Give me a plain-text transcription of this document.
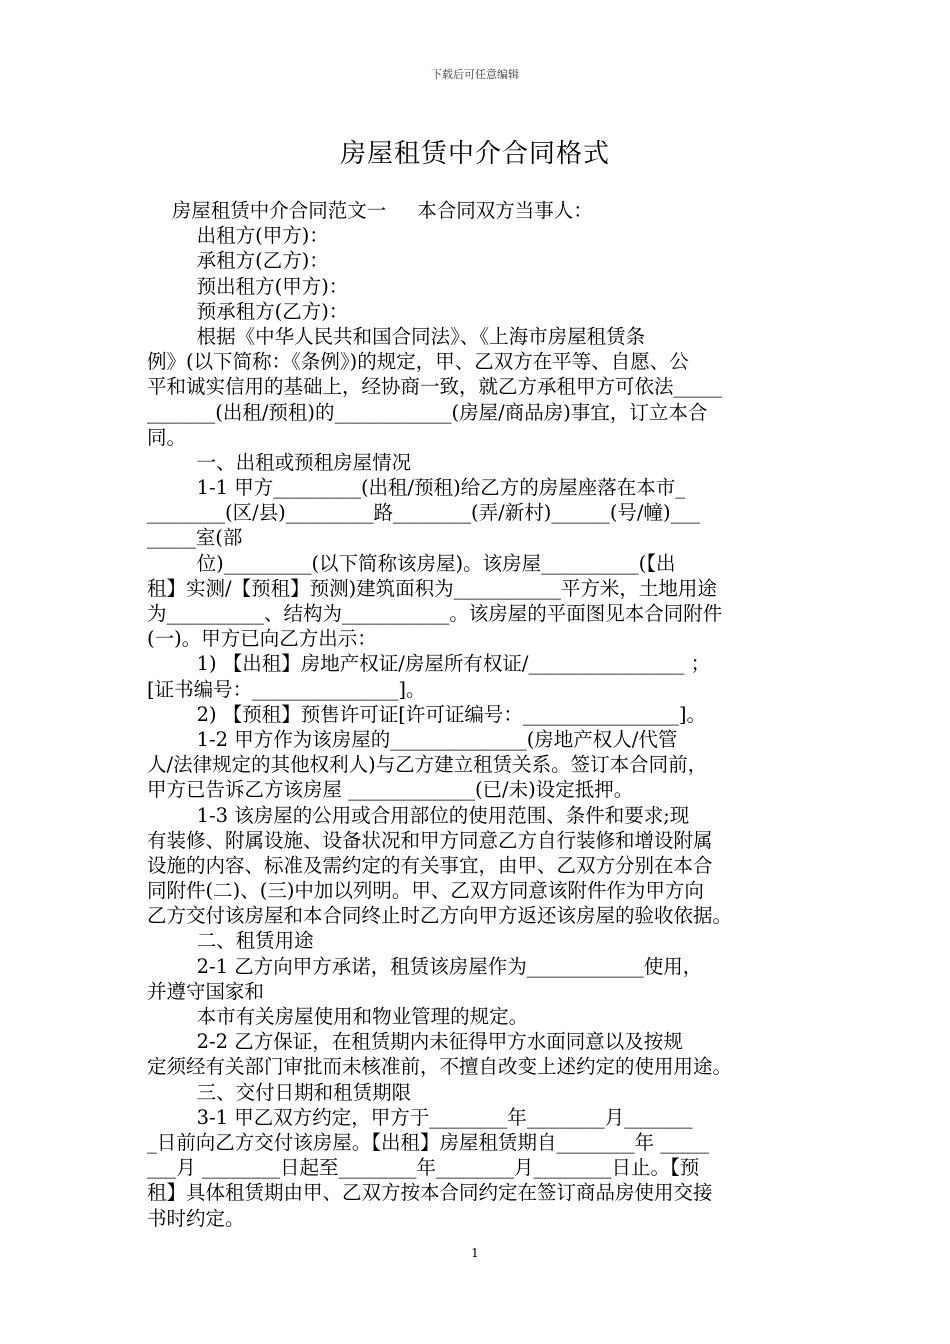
下载后可任意编辑
房屋租赁中介合同格式
房屋租赁中介合同范文一     本合同双方当事人：
出租方(甲方)：
承租方(乙方)：
预出租方(甲方)：
预承租方(乙方)：
根据《中华人民共和国合同法》、《上海市房屋租赁条
例》(以下简称：《条例》)的规定，甲、乙双方在平等、自愿、公
平和诚实信用的基础上，经协商一致，就乙方承租甲方可依法_____
_______(出租/预租)的____________(房屋/商品房)事宜，订立本合
同。
一、出租或预租房屋情况
1-1 甲方_________(出租/预租)给乙方的房屋座落在本市_
________(区/县)_________路________(弄/新村)______(号/幢)___
_____室(部
位)_________(以下简称该房屋)。该房屋__________(【出
租】实测/【预租】预测)建筑面积为___________平方米，土地用途
为__________、结构为___________。该房屋的平面图见本合同附件
(一)。甲方已向乙方出示：
1) 【出租】房地产权证/房屋所有权证/________________ ；
[证书编号：_______________]。
2) 【预租】预售许可证[许可证编号：________________]。
1-2 甲方作为该房屋的______________(房地产权人/代管
人/法律规定的其他权利人)与乙方建立租赁关系。签订本合同前，
甲方已告诉乙方该房屋 _____________(已/未)设定抵押。
1-3 该房屋的公用或合用部位的使用范围、条件和要求;现
有装修、附属设施、设备状况和甲方同意乙方自行装修和增设附属
设施的内容、标准及需约定的有关事宜，由甲、乙双方分别在本合
同附件(二)、(三)中加以列明。甲、乙双方同意该附件作为甲方向
乙方交付该房屋和本合同终止时乙方向甲方返还该房屋的验收依据。
二、租赁用途
2-1 乙方向甲方承诺，租赁该房屋作为____________使用，
并遵守国家和
本市有关房屋使用和物业管理的规定。
2-2 乙方保证，在租赁期内未征得甲方水面同意以及按规
定须经有关部门审批而未核准前，不擅自改变上述约定的使用用途。
三、交付日期和租赁期限
3-1 甲乙双方约定，甲方于________年________月_______
_日前向乙方交付该房屋。【出租】房屋租赁期自________年 _____
___月 ________日起至________年________月________日止。【预
租】具体租赁期由甲、乙双方按本合同约定在签订商品房使用交接
书时约定。
1
